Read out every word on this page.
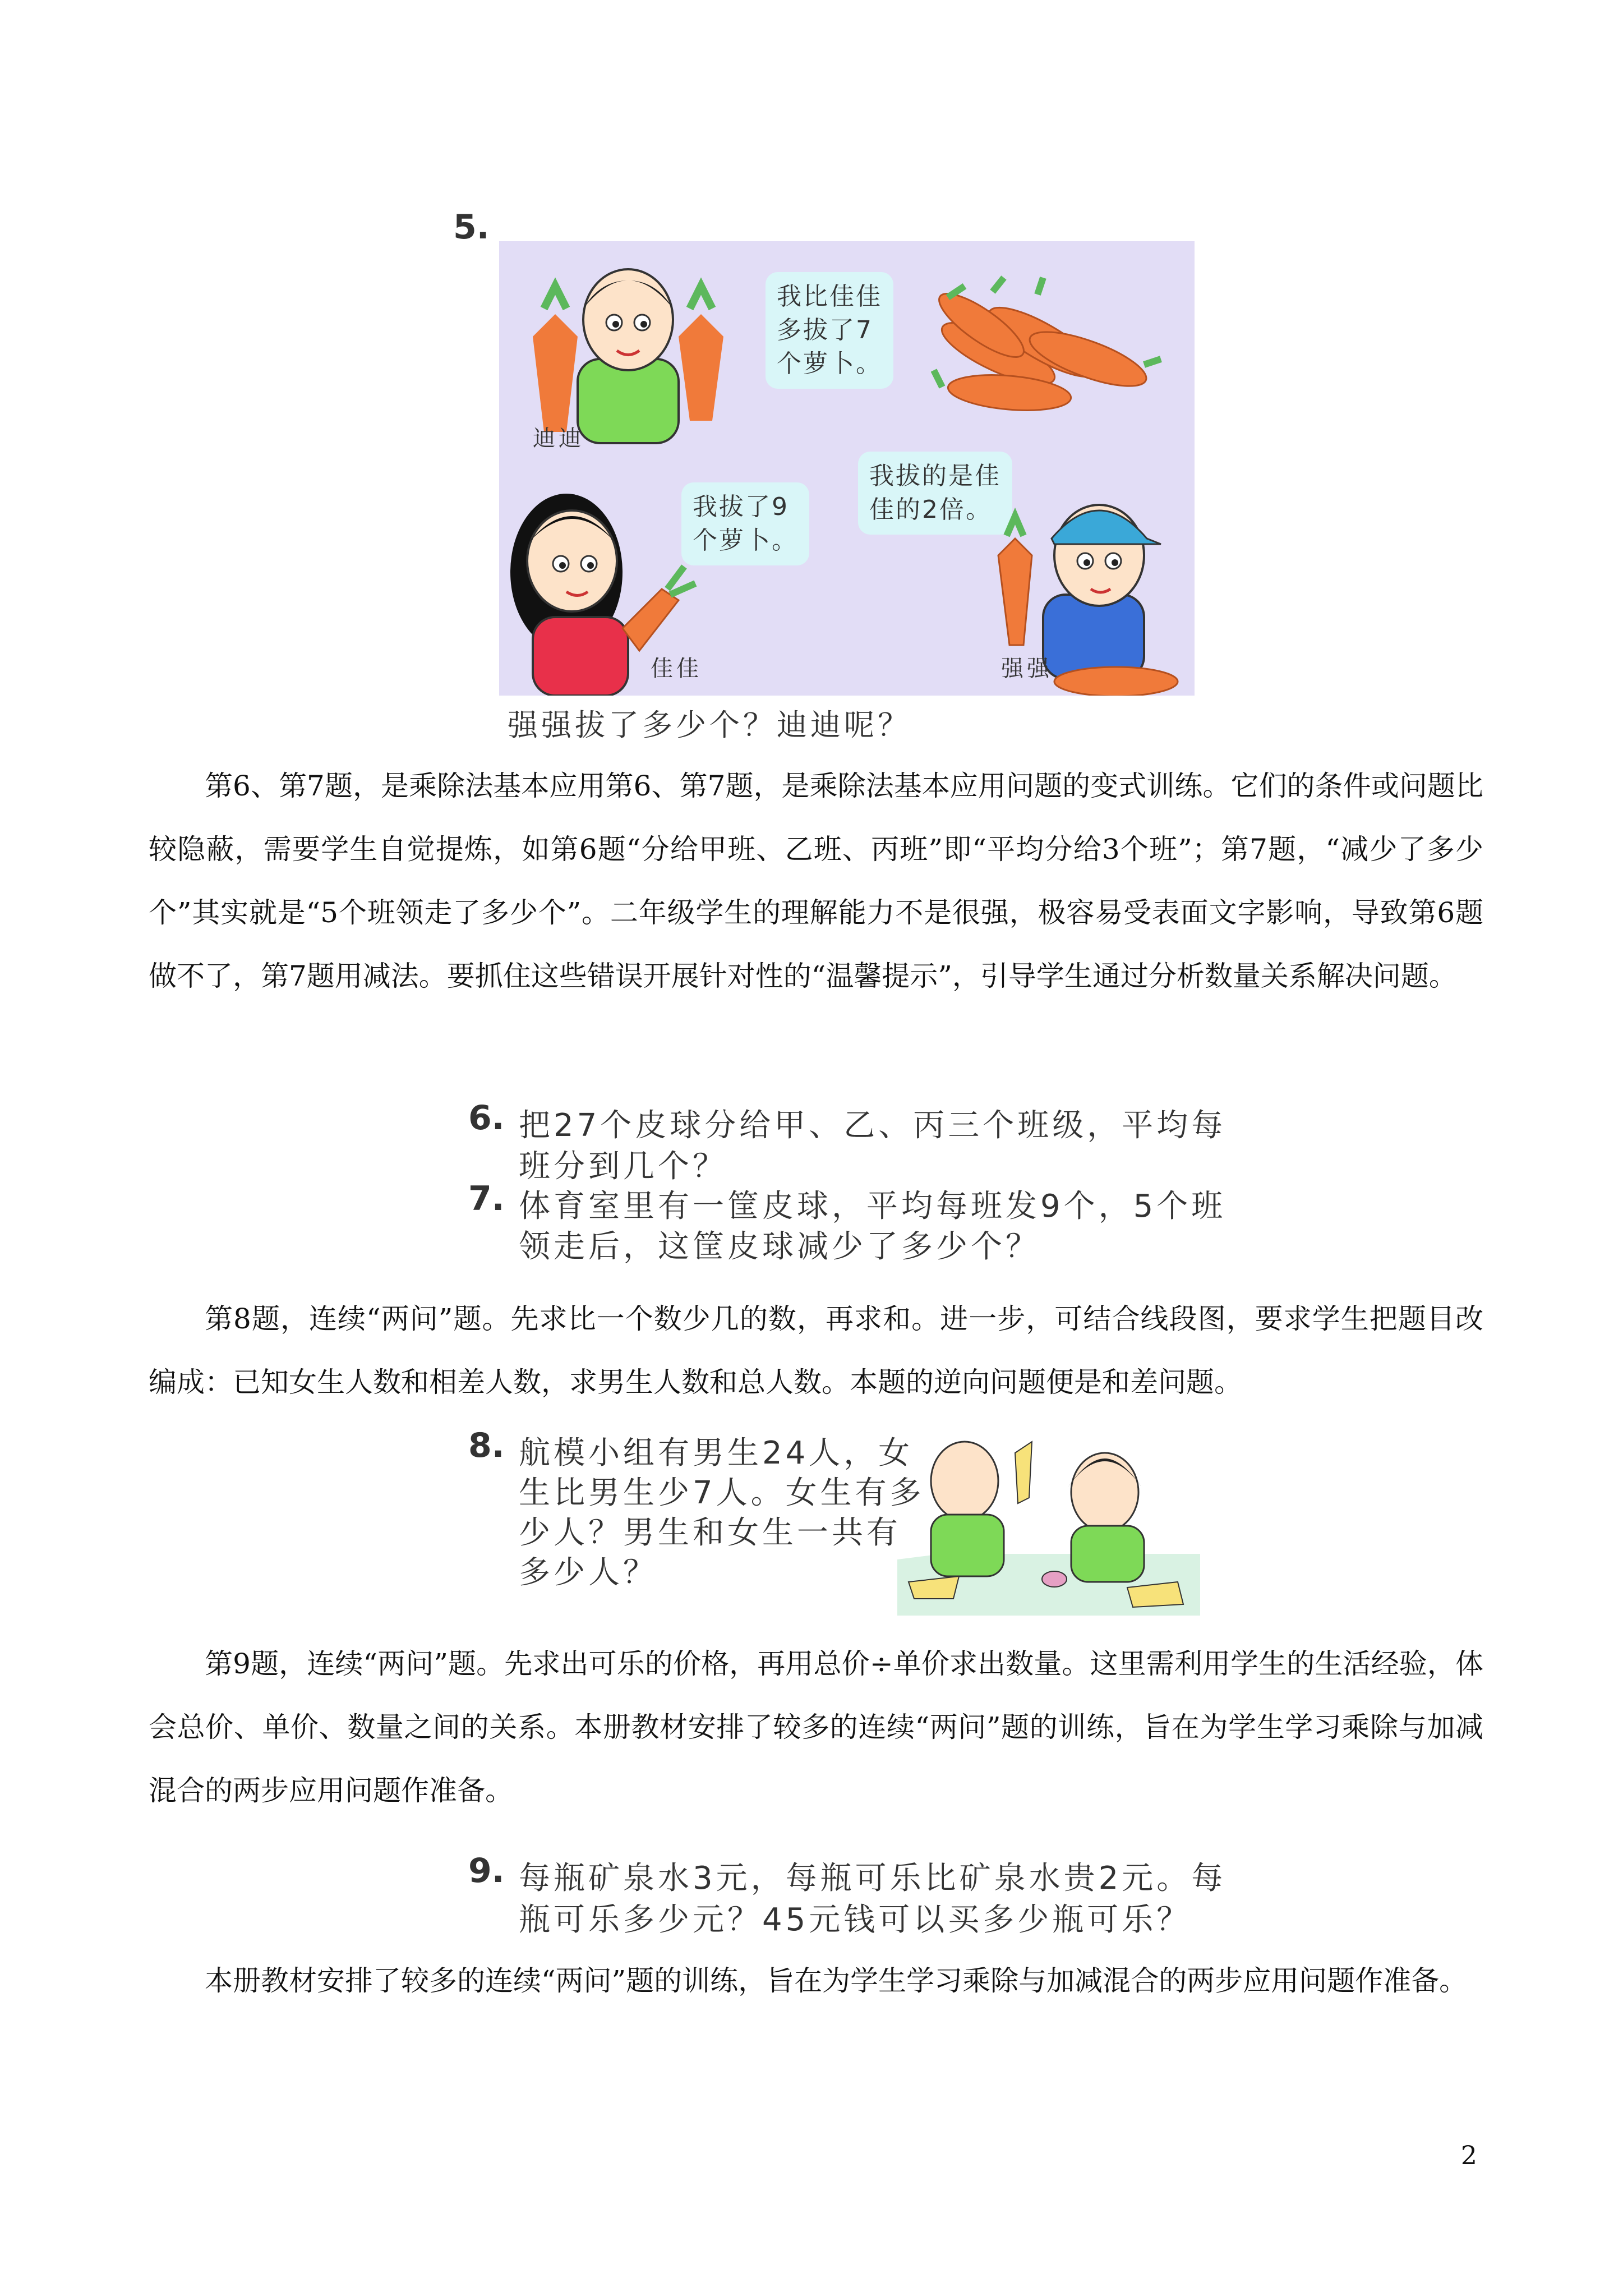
5.
我比佳佳
多拔了7
个萝卜。
迪迪
我拔了9
个萝卜。
佳佳
我拔的是佳
佳的2倍。
强强
强强拔了多少个？迪迪呢？

第6、第7题，是乘除法基本应用第6、第7题，是乘除法基本应用问题的变式训练。它们的条件或问题比较隐蔽，需要学生自觉提炼，如第6题“分给甲班、乙班、丙班”即“平均分给3个班”；第7题，“减少了多少个”其实就是“5个班领走了多少个”。二年级学生的理解能力不是很强，极容易受表面文字影响，导致第6题做不了，第7题用减法。要抓住这些错误开展针对性的“温馨提示”，引导学生通过分析数量关系解决问题。

6. 把27个皮球分给甲、乙、丙三个班级，平均每
班分到几个？
7. 体育室里有一筐皮球，平均每班发9个，5个班
领走后，这筐皮球减少了多少个？

第8题，连续“两问”题。先求比一个数少几的数，再求和。进一步，可结合线段图，要求学生把题目改编成：已知女生人数和相差人数，求男生人数和总人数。本题的逆向问题便是和差问题。

8. 航模小组有男生24人，女
生比男生少7人。女生有多
少人？男生和女生一共有
多少人？

第9题，连续“两问”题。先求出可乐的价格，再用总价÷单价求出数量。这里需利用学生的生活经验，体会总价、单价、数量之间的关系。本册教材安排了较多的连续“两问”题的训练，旨在为学生学习乘除与加减混合的两步应用问题作准备。

9. 每瓶矿泉水3元，每瓶可乐比矿泉水贵2元。每
瓶可乐多少元？45元钱可以买多少瓶可乐？

本册教材安排了较多的连续“两问”题的训练，旨在为学生学习乘除与加减混合的两步应用问题作准备。

2
